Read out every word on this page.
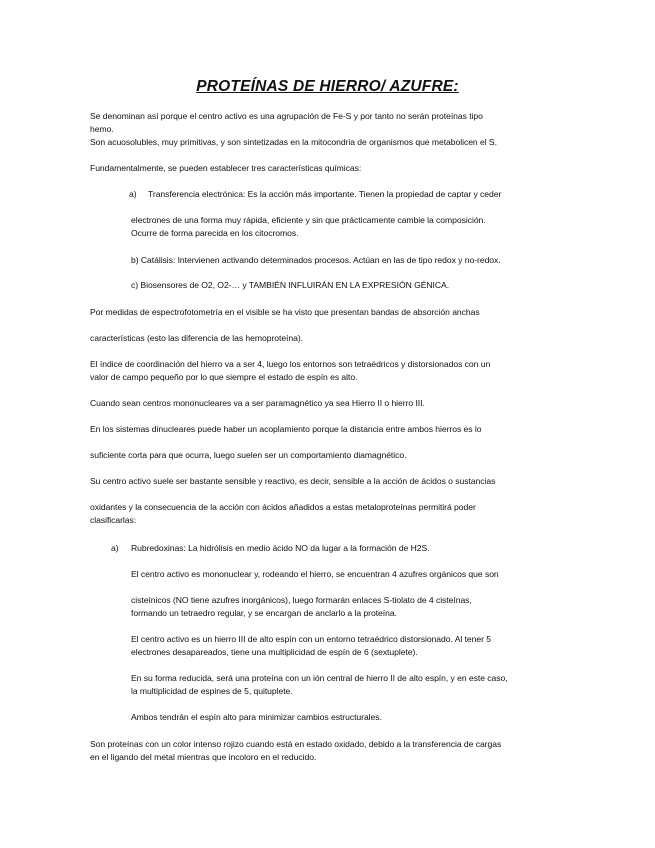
PROTEÍNAS DE HIERRO/ AZUFRE:
Se denominan así porque el centro activo es una agrupación de Fe-S y por tanto no serán proteínas tipo
hemo.
Son acuosolubles, muy primitivas, y son sintetizadas en la mitocondria de organismos que metabolicen el S.
Fundamentalmente, se pueden establecer tres características químicas:
a) Transferencia electrónica: Es la acción más importante. Tienen la propiedad de captar y ceder
electrones de una forma muy rápida, eficiente y sin que prácticamente cambie la composición.
Ocurre de forma parecida en los citocromos.
b) Catálisis: Intervienen activando determinados procesos. Actúan en las de tipo redox y no-redox.
c) Biosensores de O2, O2-… y TAMBIÉN INFLUIRÁN EN LA EXPRESIÓN GÉNICA.
Por medidas de espectrofotometría en el visible se ha visto que presentan bandas de absorción anchas
características (esto las diferencia de las hemoproteína).
El índice de coordinación del hierro va a ser 4, luego los entornos son tetraédricos y distorsionados con un
valor de campo pequeño por lo que siempre el estado de espín es alto.
Cuando sean centros mononucleares va a ser paramagnético ya sea Hierro II o hierro III.
En los sistemas dinucleares puede haber un acoplamiento porque la distancia entre ambos hierros es lo
suficiente corta para que ocurra, luego suelen ser un comportamiento diamagnético.
Su centro activo suele ser bastante sensible y reactivo, es decir, sensible a la acción de ácidos o sustancias
oxidantes y la consecuencia de la acción con ácidos añadidos a estas metaloproteínas permitirá poder
clasificarlas:
a) Rubredoxinas: La hidrólisis en medio ácido NO da lugar a la formación de H2S.
El centro activo es mononuclear y, rodeando el hierro, se encuentran 4 azufres orgánicos que son
cisteínicos (NO tiene azufres inorgánicos), luego formarán enlaces S-tiolato de 4 cisteínas,
formando un tetraedro regular, y se encargan de anclarlo a la proteína.
El centro activo es un hierro III de alto espín con un entorno tetraédrico distorsionado. Al tener 5
electrones desapareados, tiene una multiplicidad de espín de 6 (sextuplete).
En su forma reducida, será una proteína con un ión central de hierro II de alto espín, y en este caso,
la multiplicidad de espines de 5, quituplete.
Ambos tendrán el espín alto para minimizar cambios estructurales.
Son proteínas con un color intenso rojizo cuando está en estado oxidado, debido a la transferencia de cargas
en el ligando del metal mientras que incoloro en el reducido.
